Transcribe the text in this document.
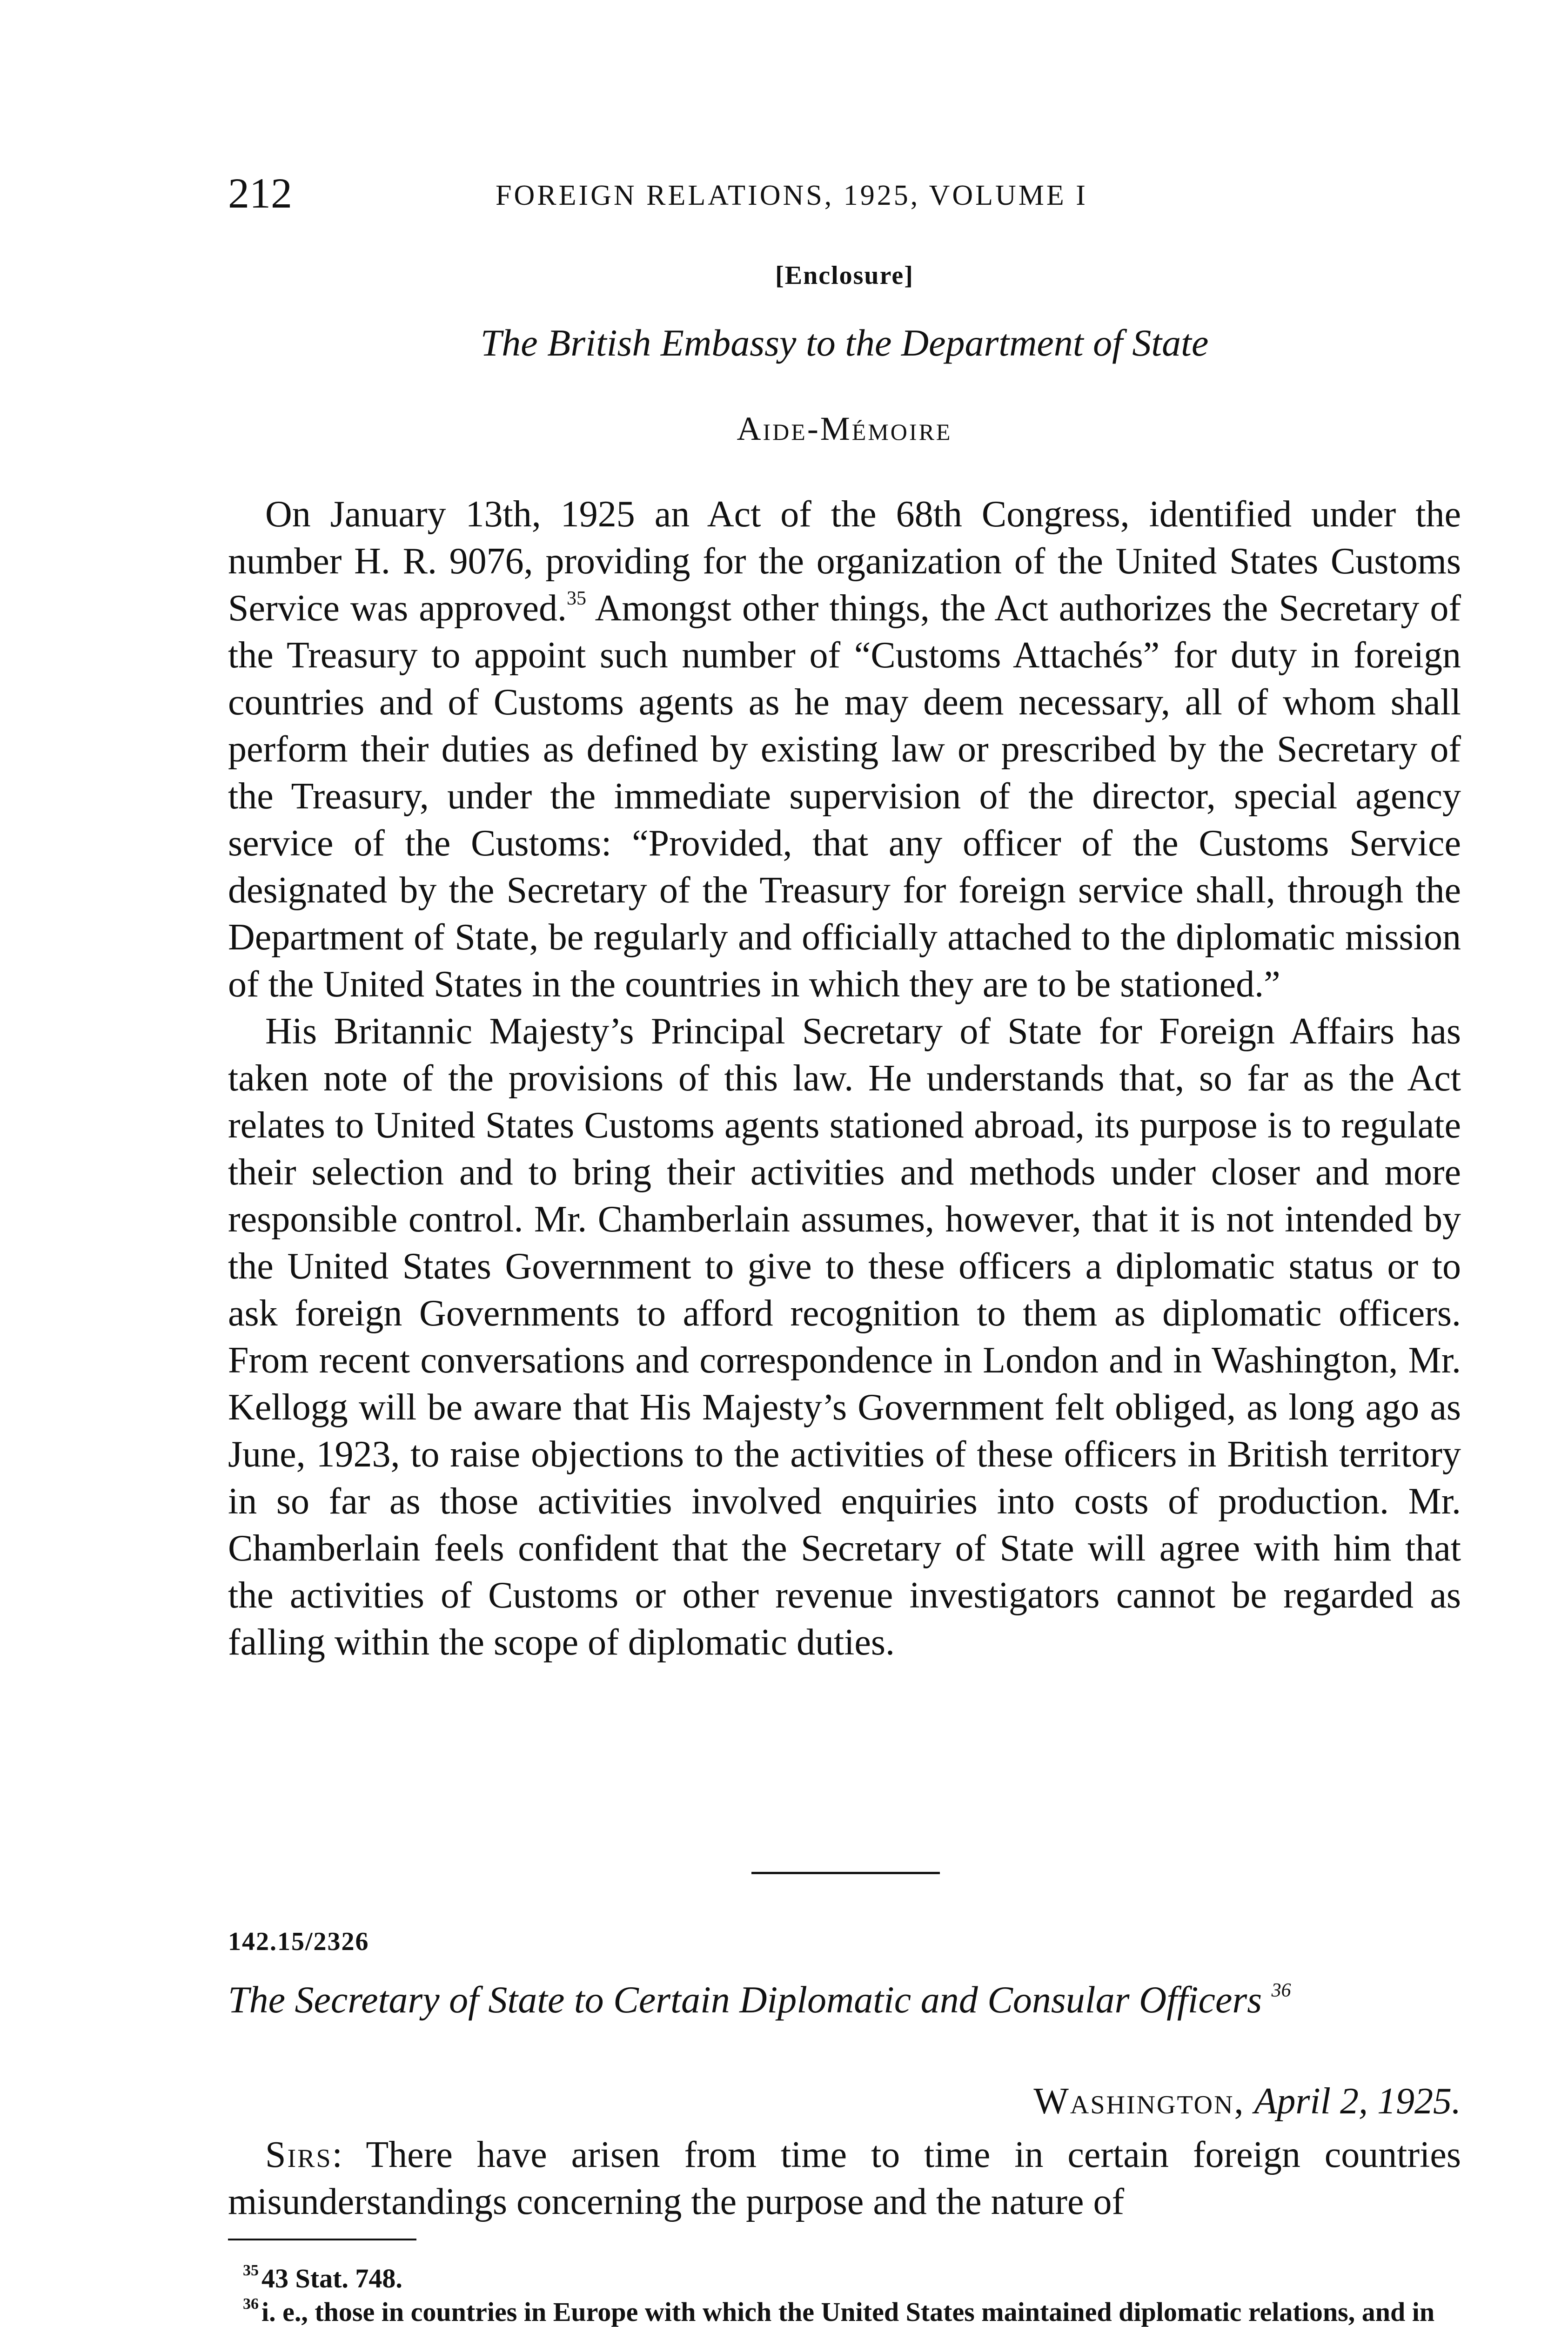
212	FOREIGN RELATIONS, 1925, VOLUME I
[Enclosure]
The British Embassy to the Department of State
Aide-Mémoire

On January 13th, 1925 an Act of the 68th Congress, identified under the number H. R. 9076, providing for the organization of the United States Customs Service was approved.$^{35}$ Amongst other things, the Act authorizes the Secretary of the Treasury to appoint such number of “Customs Attachés” for duty in foreign countries and of Customs agents as he may deem necessary, all of whom shall perform their duties as defined by existing law or prescribed by the Secretary of the Treasury, under the immediate supervision of the director, special agency service of the Customs: “Provided, that any officer of the Customs Service designated by the Secretary of the Treasury for foreign service shall, through the Department of State, be regularly and officially attached to the diplomatic mission of the United States in the countries in which they are to be stationed.”

His Britannic Majesty’s Principal Secretary of State for Foreign Affairs has taken note of the provisions of this law. He understands that, so far as the Act relates to United States Customs agents stationed abroad, its purpose is to regulate their selection and to bring their activities and methods under closer and more responsible control. Mr. Chamberlain assumes, however, that it is not intended by the United States Government to give to these officers a diplomatic status or to ask foreign Governments to afford recognition to them as diplomatic officers. From recent conversations and correspondence in London and in Washington, Mr. Kellogg will be aware that His Majesty’s Government felt obliged, as long ago as June, 1923, to raise objections to the activities of these officers in British territory in so far as those activities involved enquiries into costs of production. Mr. Chamberlain feels confident that the Secretary of State will agree with him that the activities of Customs or other revenue investigators cannot be regarded as falling within the scope of diplomatic duties.

142.15/2326
The Secretary of State to Certain Diplomatic and Consular Officers $^{36}$
Washington, April 2, 1925.

Sirs: There have arisen from time to time in certain foreign countries misunderstandings concerning the purpose and the nature of

$^{35}$ 43 Stat. 748.

$^{36}$ i. e., those in countries in Europe with which the United States maintained diplomatic relations, and in
